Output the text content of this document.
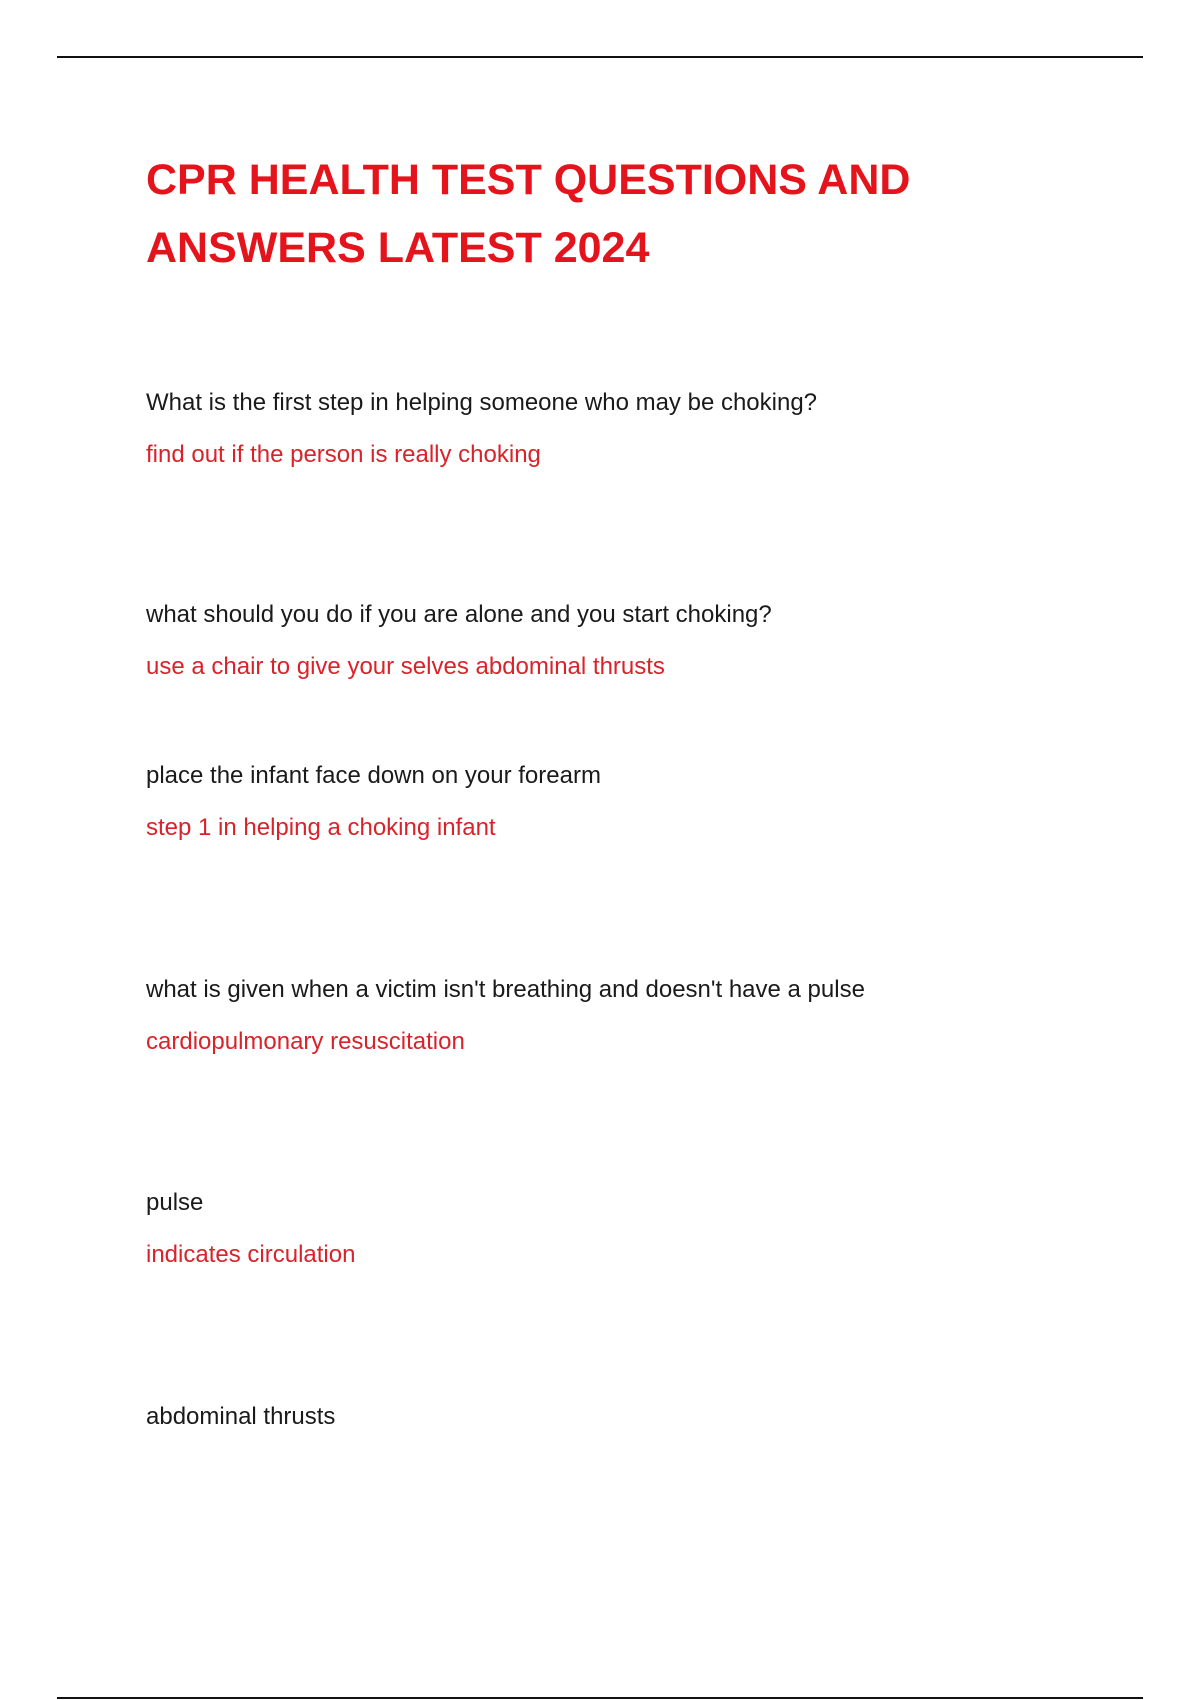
CPR HEALTH TEST QUESTIONS AND
ANSWERS LATEST 2024

What is the first step in helping someone who may be choking?

find out if the person is really choking

what should you do if you are alone and you start choking?

use a chair to give your selves abdominal thrusts

place the infant face down on your forearm

step 1 in helping a choking infant

what is given when a victim isn't breathing and doesn't have a pulse

cardiopulmonary resuscitation

pulse

indicates circulation

abdominal thrusts
